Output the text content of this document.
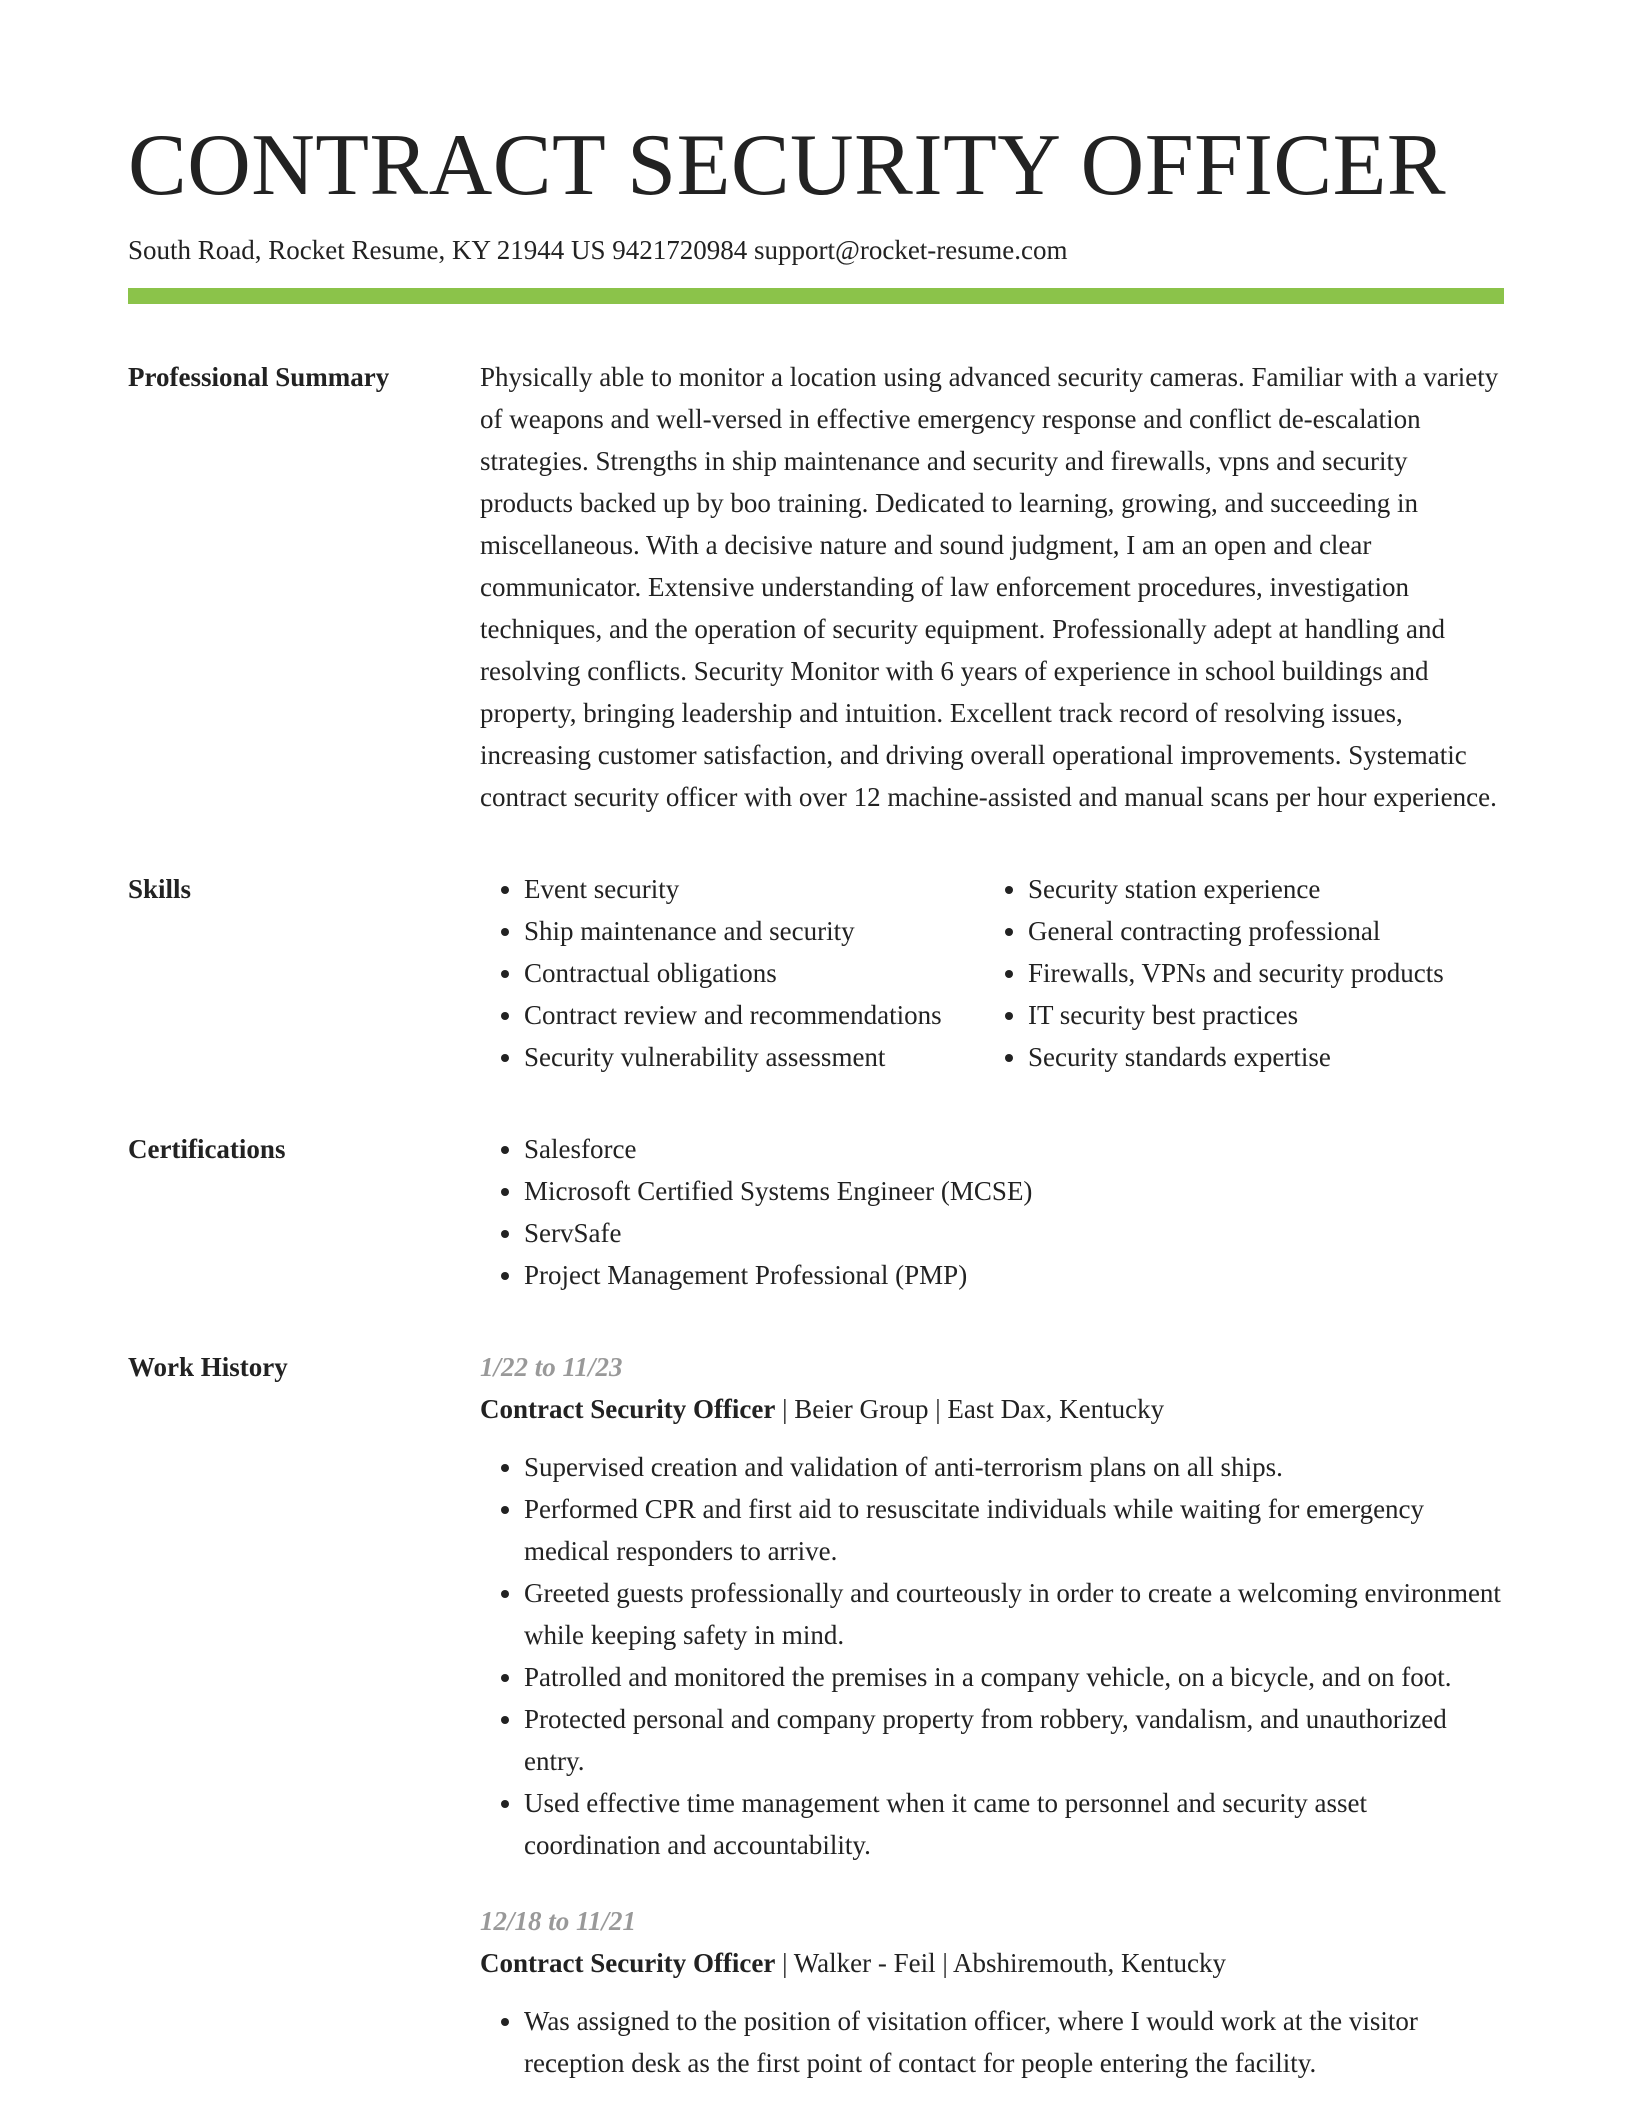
CONTRACT SECURITY OFFICER
South Road, Rocket Resume, KY 21944 US 9421720984 support@rocket-resume.com
Professional Summary	Physically able to monitor a location using advanced security cameras. Familiar with a variety of weapons and well-versed in effective emergency response and conflict de-escalation strategies. Strengths in ship maintenance and security and firewalls, vpns and security products backed up by boo training. Dedicated to learning, growing, and succeeding in miscellaneous. With a decisive nature and sound judgment, I am an open and clear communicator. Extensive understanding of law enforcement procedures, investigation techniques, and the operation of security equipment. Professionally adept at handling and resolving conflicts. Security Monitor with 6 years of experience in school buildings and property, bringing leadership and intuition. Excellent track record of resolving issues, increasing customer satisfaction, and driving overall operational improvements. Systematic contract security officer with over 12 machine-assisted and manual scans per hour experience.

Skills	• Event security
• Ship maintenance and security
• Contractual obligations
• Contract review and recommendations
• Security vulnerability assessment
• Security station experience
• General contracting professional
• Firewalls, VPNs and security products
• IT security best practices
• Security standards expertise
Certifications	• Salesforce
• Microsoft Certified Systems Engineer (MCSE)
• ServSafe
• Project Management Professional (PMP)
Work History	1/22 to 11/23
Contract Security Officer | Beier Group | East Dax, Kentucky
• Supervised creation and validation of anti-terrorism plans on all ships.
• Performed CPR and first aid to resuscitate individuals while waiting for emergency medical responders to arrive.
• Greeted guests professionally and courteously in order to create a welcoming environment while keeping safety in mind.
• Patrolled and monitored the premises in a company vehicle, on a bicycle, and on foot.
• Protected personal and company property from robbery, vandalism, and unauthorized entry.
• Used effective time management when it came to personnel and security asset coordination and accountability.
12/18 to 11/21
Contract Security Officer | Walker - Feil | Abshiremouth, Kentucky
• Was assigned to the position of visitation officer, where I would work at the visitor reception desk as the first point of contact for people entering the facility.
